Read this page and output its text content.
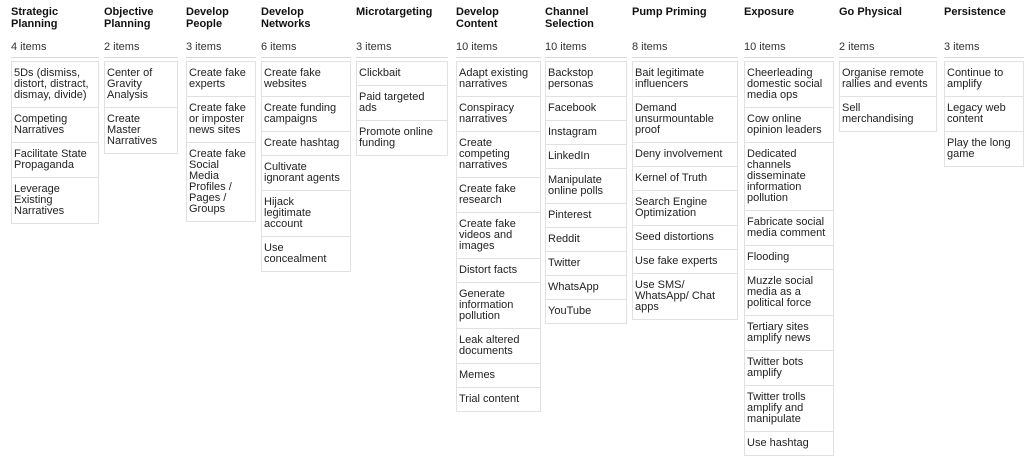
Strategic Planning
4 items
5Ds (dismiss, distort, distract, dismay, divide)
Competing Narratives
Facilitate State Propaganda
Leverage Existing Narratives
Objective Planning
2 items
Center of Gravity Analysis
Create Master Narratives
Develop People
3 items
Create fake experts
Create fake or imposter news sites
Create fake Social Media Profiles / Pages / Groups
Develop Networks
6 items
Create fake websites
Create funding campaigns
Create hashtag
Cultivate ignorant agents
Hijack legitimate account
Use concealment
Microtargeting
3 items
Clickbait
Paid targeted ads
Promote online funding
Develop Content
10 items
Adapt existing narratives
Conspiracy narratives
Create competing narratives
Create fake research
Create fake videos and images
Distort facts
Generate information pollution
Leak altered documents
Memes
Trial content
Channel Selection
10 items
Backstop personas
Facebook
Instagram
LinkedIn
Manipulate online polls
Pinterest
Reddit
Twitter
WhatsApp
YouTube
Pump Priming
8 items
Bait legitimate influencers
Demand unsurmountable proof
Deny involvement
Kernel of Truth
Search Engine Optimization
Seed distortions
Use fake experts
Use SMS/ WhatsApp/ Chat apps
Exposure
10 items
Cheerleading domestic social media ops
Cow online opinion leaders
Dedicated channels disseminate information pollution
Fabricate social media comment
Flooding
Muzzle social media as a political force
Tertiary sites amplify news
Twitter bots amplify
Twitter trolls amplify and manipulate
Use hashtag
Go Physical
2 items
Organise remote rallies and events
Sell merchandising
Persistence
3 items
Continue to amplify
Legacy web content
Play the long game
